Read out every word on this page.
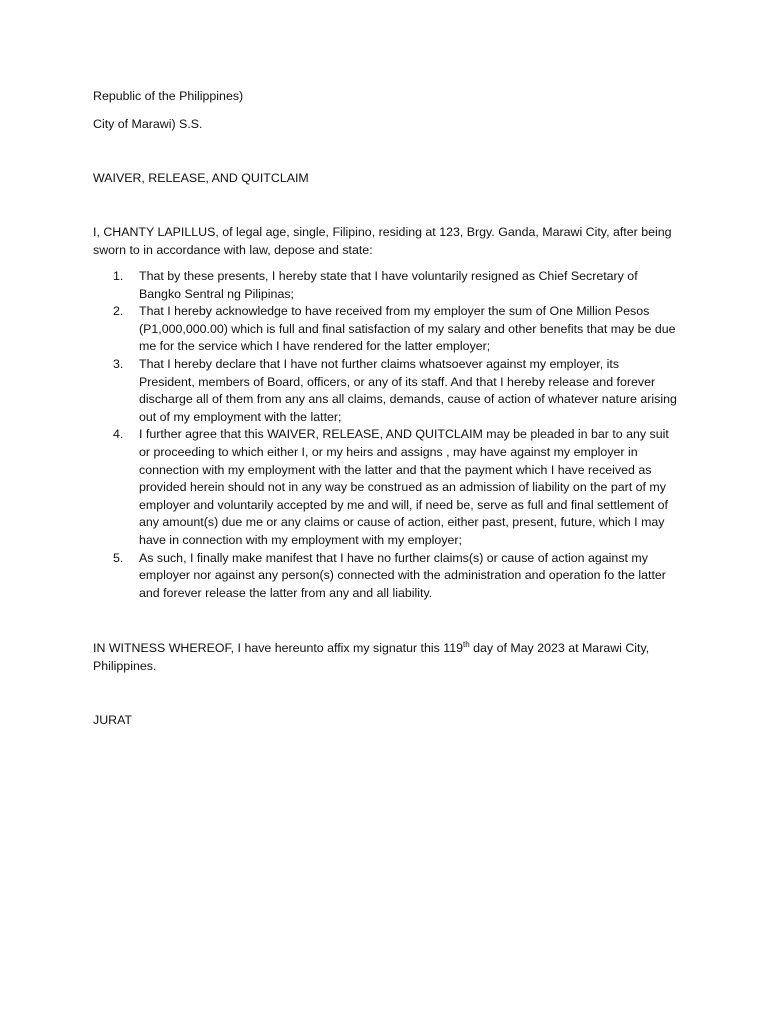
Republic of the Philippines)
City of Marawi) S.S.
WAIVER, RELEASE, AND QUITCLAIM

I, CHANTY LAPILLUS, of legal age, single, Filipino, residing at 123, Brgy. Ganda, Marawi City, after being sworn to in accordance with law, depose and state:

1. That by these presents, I hereby state that I have voluntarily resigned as Chief Secretary of Bangko Sentral ng Pilipinas;
2. That I hereby acknowledge to have received from my employer the sum of One Million Pesos (P1,000,000.00) which is full and final satisfaction of my salary and other benefits that may be due me for the service which I have rendered for the latter employer;
3. That I hereby declare that I have not further claims whatsoever against my employer, its President, members of Board, officers, or any of its staff. And that I hereby release and forever discharge all of them from any ans all claims, demands, cause of action of whatever nature arising out of my employment with the latter;
4. I further agree that this WAIVER, RELEASE, AND QUITCLAIM may be pleaded in bar to any suit or proceeding to which either I, or my heirs and assigns , may have against my employer in connection with my employment with the latter and that the payment which I have received as provided herein should not in any way be construed as an admission of liability on the part of my employer and voluntarily accepted by me and will, if need be, serve as full and final settlement of any amount(s) due me or any claims or cause of action, either past, present, future, which I may have in connection with my employment with my employer;
5. As such, I finally make manifest that I have no further claims(s) or cause of action against my employer nor against any person(s) connected with the administration and operation fo the latter and forever release the latter from any and all liability.

IN WITNESS WHEREOF, I have hereunto affix my signatur this 119th day of May 2023 at Marawi City, Philippines.

JURAT
